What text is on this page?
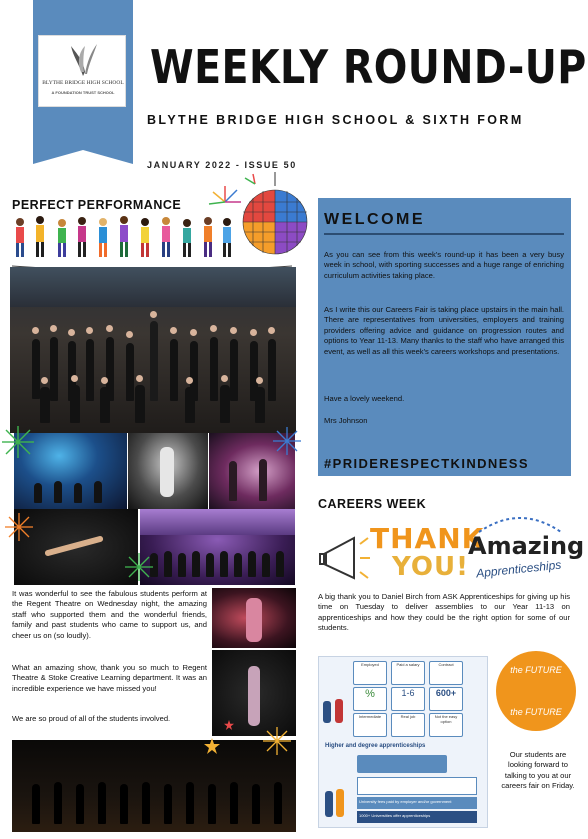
BLYTHE BRIDGE HIGH SCHOOL
A FOUNDATION TRUST SCHOOL WEEKLY ROUND-UP
BLYTHE BRIDGE HIGH SCHOOL & SIXTH FORM
JANUARY 2022 - ISSUE 50
PERFECT PERFORMANCE
It was wonderful to see the fabulous students perform at the Regent Theatre on Wednesday night, the amazing staff who supported them and the wonderful friends, family and past students who came to support us, and cheer us on (so loudly).
What an amazing show, thank you so much to Regent Theatre & Stoke Creative Learning department. It was an incredible experience we have missed you!
We are so proud of all of the students involved.
WELCOME
As you can see from this week's round-up it has been a very busy week in school, with sporting successes and a huge range of enriching curriculum activities taking place.
As I write this our Careers Fair is taking place upstairs in the main hall. There are representatives from universities, employers and training providers offering advice and guidance on progression routes and options to Year 11-13. Many thanks to the staff who have arranged this event, as well as all this week's careers workshops and presentations.
Have a lovely weekend.
Mrs Johnson
#PRIDERESPECTKINDNESS
CAREERS WEEK
THANK
YOU!
Amazing
Apprenticeships
A big thank you to Daniel Birch from ASK Apprenticeships for giving up his time on Tuesday to deliver assemblies to our Year 11-13 on apprenticeships and how they could be the right option for some of our students.
Employed	Paid a salary	Contract
%	1-6	600+
Intermediate	Real job	Not the easy option
Higher and degree apprenticeships
University fees paid by employer and/or government
1000+ Universities offer apprenticeships
the FUTURE
the FUTURE
Our students are looking forward to talking to you at our careers fair on Friday.
